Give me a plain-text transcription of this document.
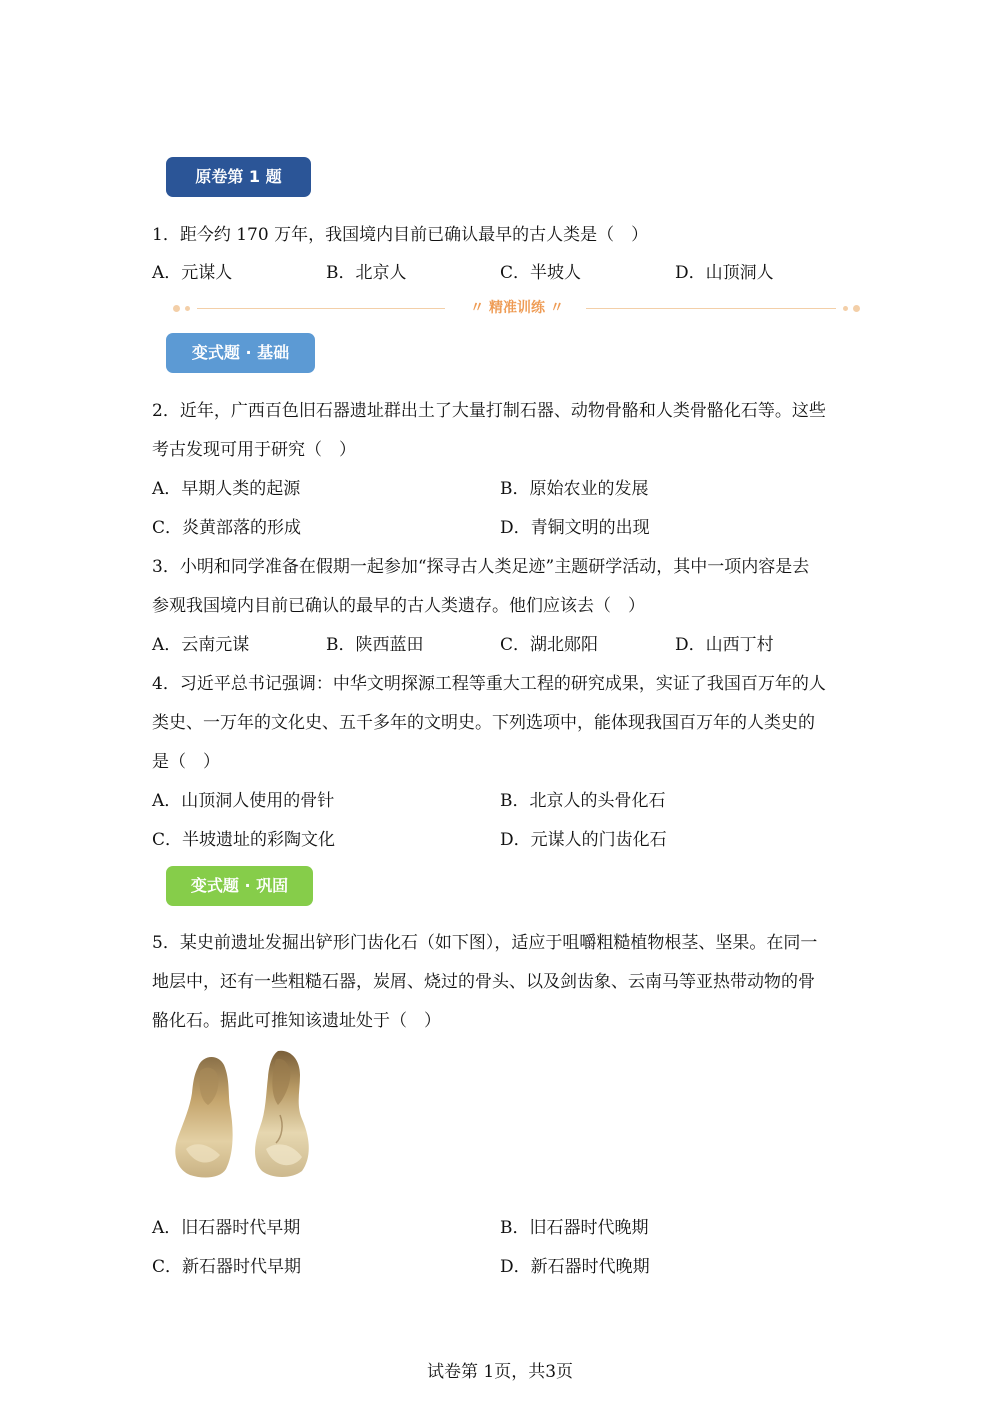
原卷第 1 题
1．距今约 170 万年，我国境内目前已确认最早的古人类是（　）
A．元谋人	B．北京人	C．半坡人	D．山顶洞人
〃 精准训练 〃
变式题 · 基础
2．近年，广西百色旧石器遗址群出土了大量打制石器、动物骨骼和人类骨骼化石等。这些
考古发现可用于研究（　）
A．早期人类的起源	B．原始农业的发展
C．炎黄部落的形成	D．青铜文明的出现
3．小明和同学准备在假期一起参加“探寻古人类足迹”主题研学活动，其中一项内容是去
参观我国境内目前已确认的最早的古人类遗存。他们应该去（　）
A．云南元谋	B．陕西蓝田	C．湖北郧阳	D．山西丁村
4．习近平总书记强调：中华文明探源工程等重大工程的研究成果，实证了我国百万年的人
类史、一万年的文化史、五千多年的文明史。下列选项中，能体现我国百万年的人类史的
是（　）
A．山顶洞人使用的骨针	B．北京人的头骨化石
C．半坡遗址的彩陶文化	D．元谋人的门齿化石
变式题 · 巩固
5．某史前遗址发掘出铲形门齿化石（如下图），适应于咀嚼粗糙植物根茎、坚果。在同一
地层中，还有一些粗糙石器，炭屑、烧过的骨头、以及剑齿象、云南马等亚热带动物的骨
骼化石。据此可推知该遗址处于（　）
A．旧石器时代早期	B．旧石器时代晚期
C．新石器时代早期	D．新石器时代晚期
试卷第 1页，共3页
